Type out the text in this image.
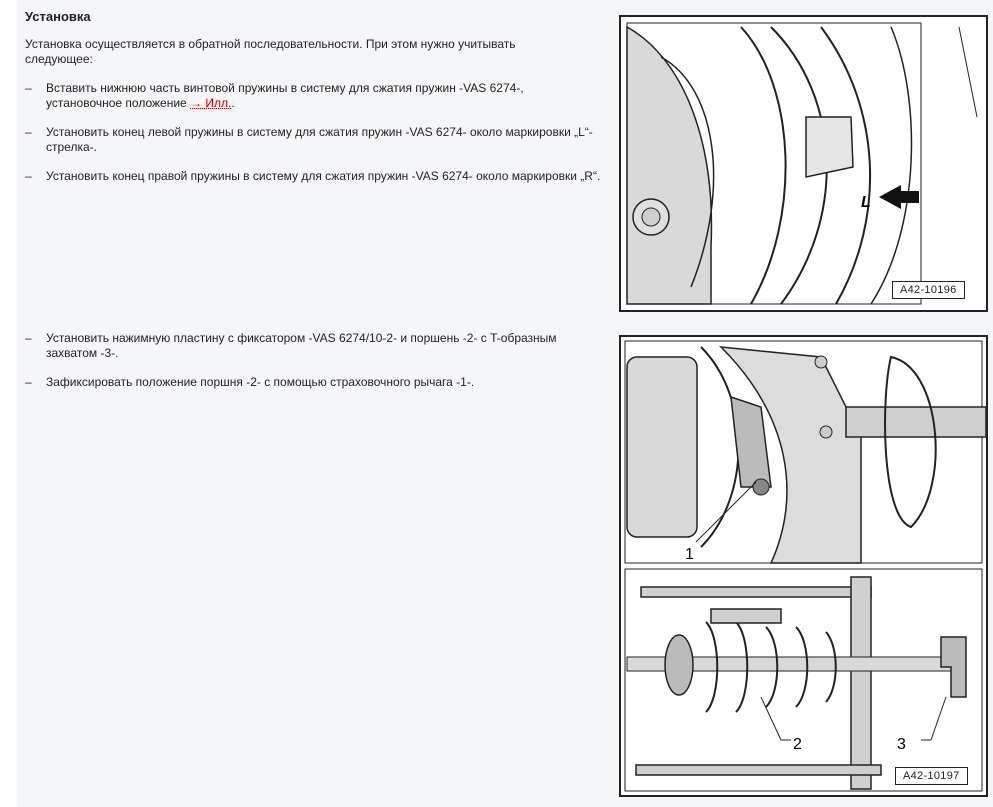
Установка
Установка осуществляется в обратной последовательности. При этом нужно учитывать следующее:
– Вставить нижнюю часть винтовой пружины в систему для сжатия пружин -VAS 6274-, установочное положение → Илл..
– Установить конец левой пружины в систему для сжатия пружин -VAS 6274- около маркировки „L“-стрелка-.
– Установить конец правой пружины в систему для сжатия пружин -VAS 6274- около маркировки „R“.
– Установить нажимную пластину с фиксатором -VAS 6274/10-2- и поршень -2- с T-образным захватом -3-.
– Зафиксировать положение поршня -2- с помощью страховочного рычага -1-.
L
A42-10196
1
2	3
A42-10197
